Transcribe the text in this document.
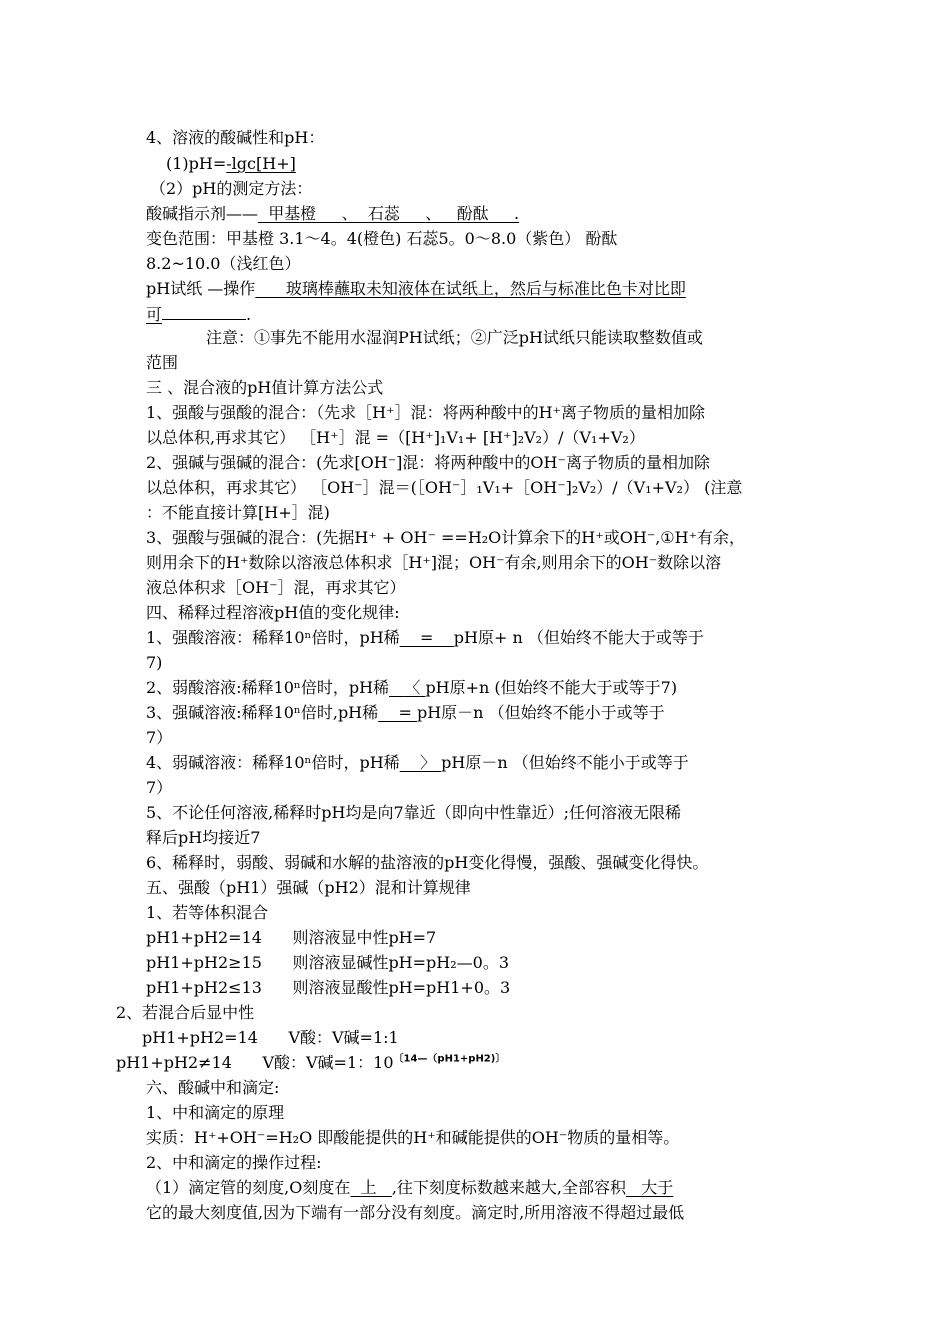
4、溶液的酸碱性和pH：
(1)pH=-lgc[H+]
（2）pH的测定方法：
酸碱指示剂—— 甲基橙 、 石蕊 、 酚酞 .
变色范围：甲基橙 3.1～4。4(橙色) 石蕊5。0～8.0（紫色） 酚酞
8.2~10.0（浅红色）
pH试纸 —操作 玻璃棒蘸取未知液体在试纸上，然后与标准比色卡对比即
可	.
注意：①事先不能用水湿润PH试纸；②广泛pH试纸只能读取整数值或
范围
三 、混合液的pH值计算方法公式
1、强酸与强酸的混合：（先求［H⁺］混：将两种酸中的H⁺离子物质的量相加除
以总体积,再求其它） ［H⁺］混 =（[H⁺]₁V₁+ [H⁺]₂V₂）/（V₁+V₂）
2、强碱与强碱的混合：(先求[OH⁻]混：将两种酸中的OH⁻离子物质的量相加除
以总体积，再求其它） ［OH⁻］混＝(［OH⁻］₁V₁+［OH⁻]₂V₂）/（V₁+V₂） (注意
：不能直接计算[H+］混)
3、强酸与强碱的混合：(先据H⁺ + OH⁻ ==H₂O计算余下的H⁺或OH⁻,①H⁺有余，
则用余下的H⁺数除以溶液总体积求［H⁺]混；OH⁻有余,则用余下的OH⁻数除以溶
液总体积求［OH⁻］混，再求其它）
四、稀释过程溶液pH值的变化规律:
1、强酸溶液：稀释10ⁿ倍时，pH稀 = pH原+ n （但始终不能大于或等于
7)
2、弱酸溶液:稀释10ⁿ倍时，pH稀 〈 pH原+n (但始终不能大于或等于7)
3、强碱溶液:稀释10ⁿ倍时,pH稀 = pH原－n （但始终不能小于或等于
7）
4、弱碱溶液：稀释10ⁿ倍时，pH稀 〉 pH原－n （但始终不能小于或等于
7）
5、不论任何溶液,稀释时pH均是向7靠近（即向中性靠近）;任何溶液无限稀
释后pH均接近7
6、稀释时，弱酸、弱碱和水解的盐溶液的pH变化得慢，强酸、强碱变化得快。
五、强酸（pH1）强碱（pH2）混和计算规律
1、若等体积混合
pH1+pH2=14      则溶液显中性pH=7
pH1+pH2≥15      则溶液显碱性pH=pH₂—0。3
pH1+pH2≤13      则溶液显酸性pH=pH1+0。3
2、若混合后显中性
pH1+pH2=14      V酸：V碱=1:1
pH1+pH2≠14      V酸：V碱=1：$10^{〔14—(pH1+pH2)〕}$
六、酸碱中和滴定:
1、中和滴定的原理
实质：H⁺+OH⁻=H₂O 即酸能提供的H⁺和碱能提供的OH⁻物质的量相等。
2、中和滴定的操作过程:
（1）滴定管的刻度,O刻度在 上 ,往下刻度标数越来越大,全部容积 大于
它的最大刻度值,因为下端有一部分没有刻度。滴定时,所用溶液不得超过最低
